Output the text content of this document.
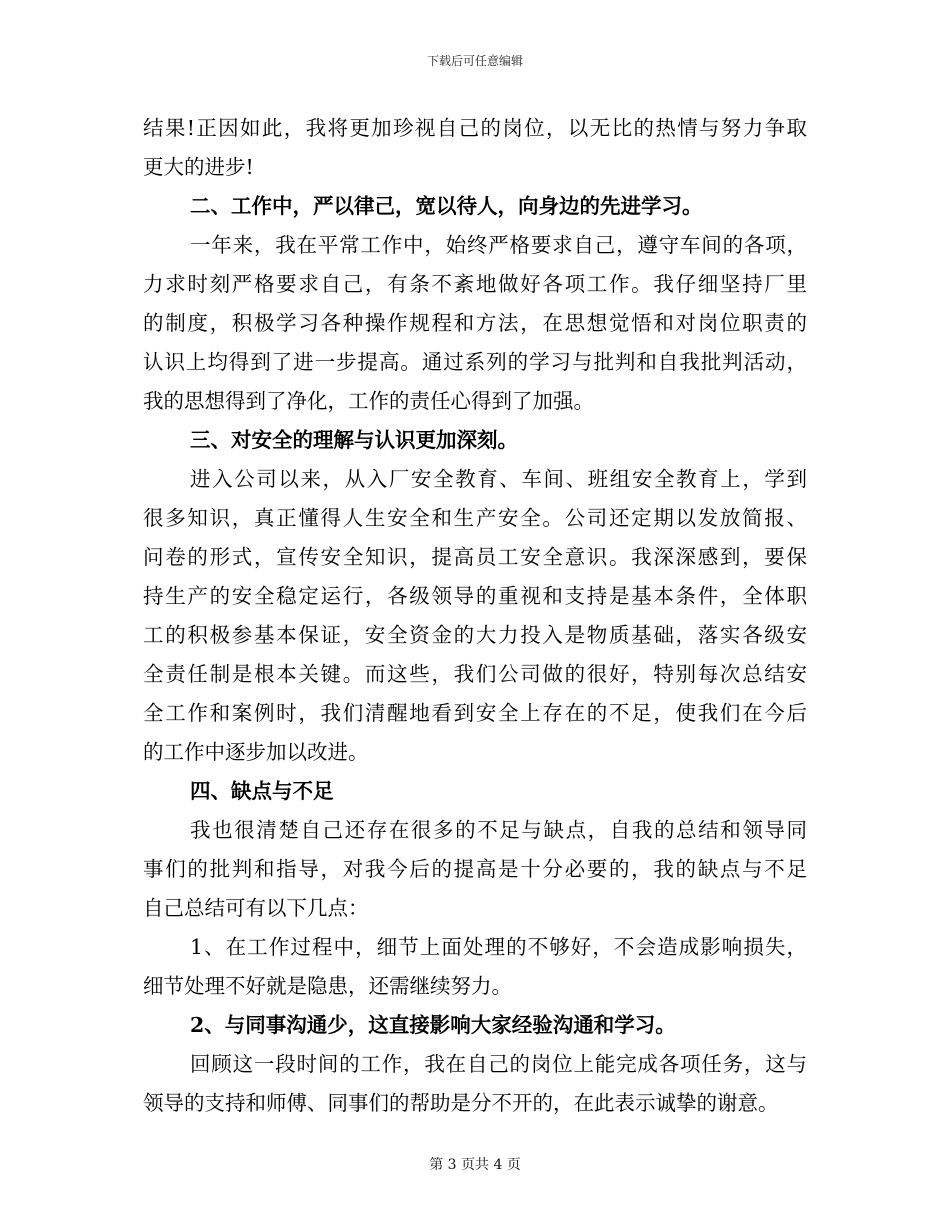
下载后可任意编辑
结果!正因如此，我将更加珍视自己的岗位，以无比的热情与努力争取
更大的进步!
二、工作中，严以律己，宽以待人，向身边的先进学习。
一年来，我在平常工作中，始终严格要求自己，遵守车间的各项，
力求时刻严格要求自己，有条不紊地做好各项工作。我仔细坚持厂里
的制度，积极学习各种操作规程和方法，在思想觉悟和对岗位职责的
认识上均得到了进一步提高。通过系列的学习与批判和自我批判活动，
我的思想得到了净化，工作的责任心得到了加强。
三、对安全的理解与认识更加深刻。
进入公司以来，从入厂安全教育、车间、班组安全教育上，学到
很多知识，真正懂得人生安全和生产安全。公司还定期以发放简报、
问卷的形式，宣传安全知识，提高员工安全意识。我深深感到，要保
持生产的安全稳定运行，各级领导的重视和支持是基本条件，全体职
工的积极参基本保证，安全资金的大力投入是物质基础，落实各级安
全责任制是根本关键。而这些，我们公司做的很好，特别每次总结安
全工作和案例时，我们清醒地看到安全上存在的不足，使我们在今后
的工作中逐步加以改进。
四、缺点与不足
我也很清楚自己还存在很多的不足与缺点，自我的总结和领导同
事们的批判和指导，对我今后的提高是十分必要的，我的缺点与不足
自己总结可有以下几点：
1、在工作过程中，细节上面处理的不够好，不会造成影响损失，
细节处理不好就是隐患，还需继续努力。
2、与同事沟通少，这直接影响大家经验沟通和学习。
回顾这一段时间的工作，我在自己的岗位上能完成各项任务，这与
领导的支持和师傅、同事们的帮助是分不开的，在此表示诚挚的谢意。
第 3 页共 4 页
